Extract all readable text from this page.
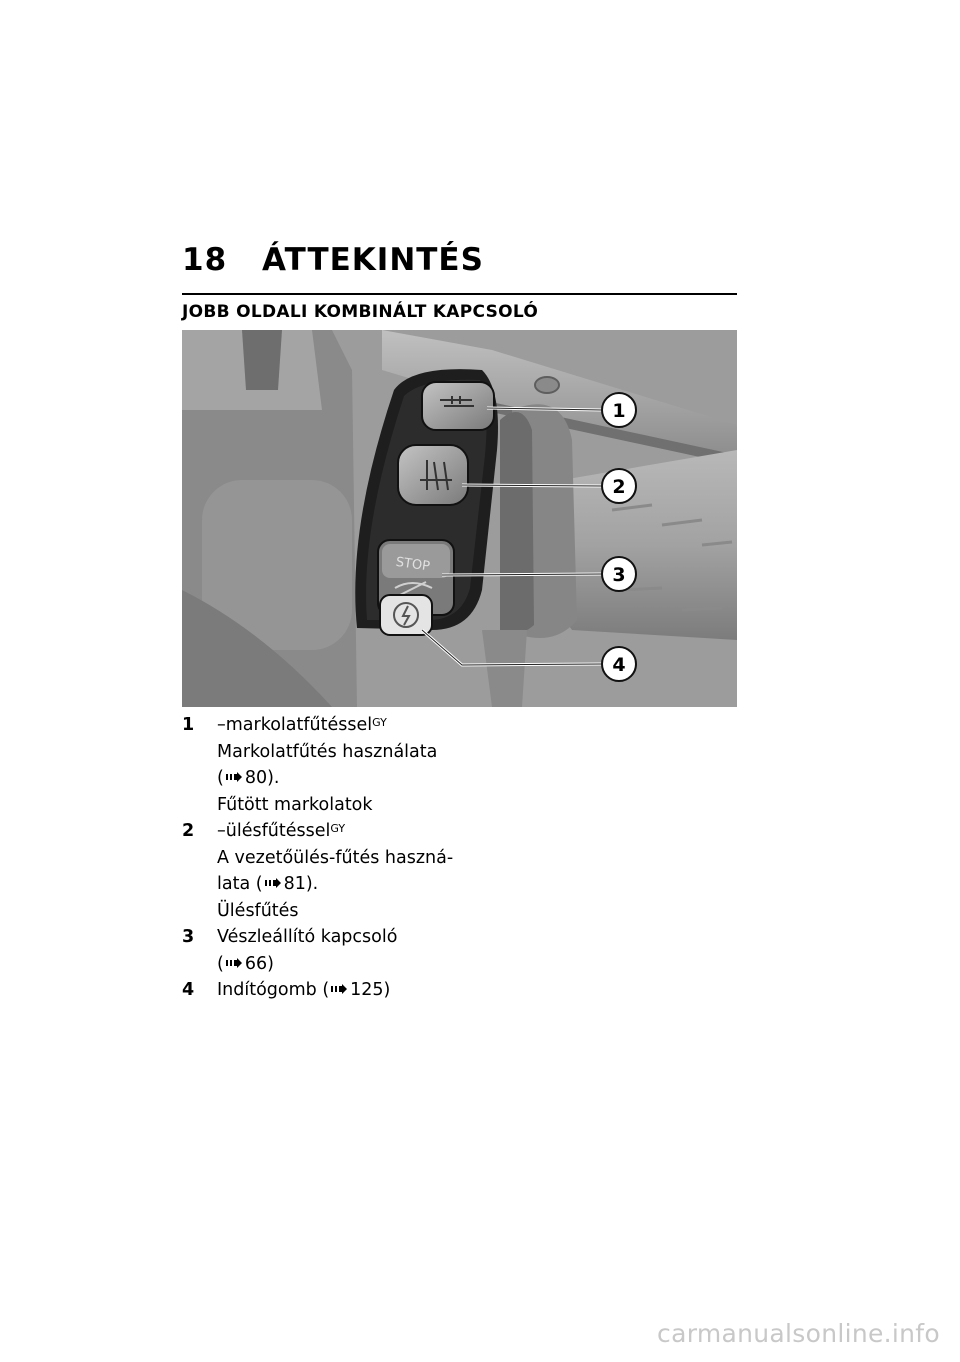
18 ÁTTEKINTÉS
JOBB OLDALI KOMBINÁLT KAPCSOLÓ
STOP
1
2
3
4
1	–markolatfűtéssel$^{GY}$
Markolatfűtés használata
( 80).
Fűtött markolatok
2	–ülésfűtéssel$^{GY}$
A vezetőülés-fűtés haszná-
lata ( 81).
Ülésfűtés
3	Vészleállító kapcsoló
( 66)
4	Indítógomb ( 125)
carmanualsonline.info
